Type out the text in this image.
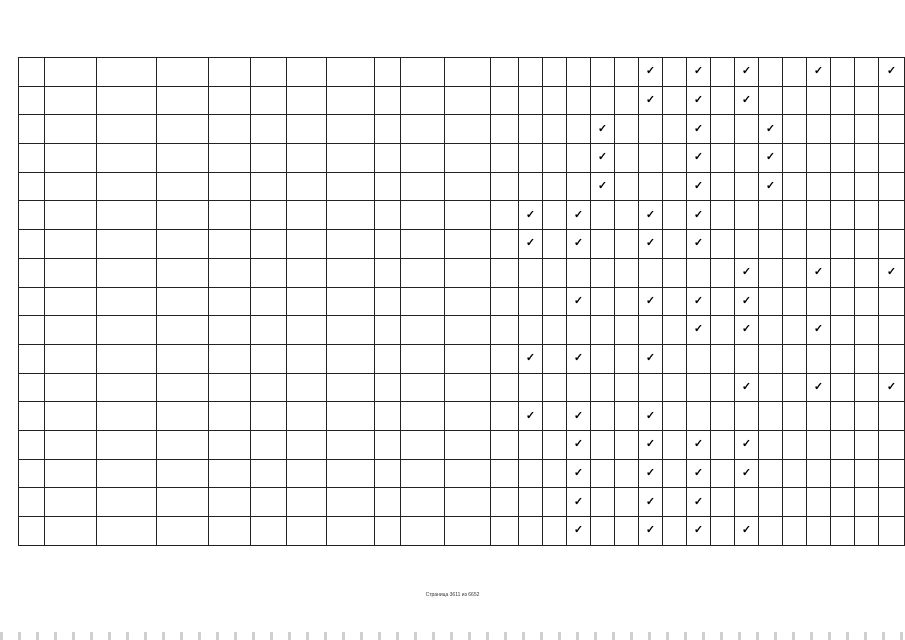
																	✓		✓		✓			✓			✓
																	✓		✓		✓						
															✓				✓			✓					
															✓				✓			✓					
															✓				✓			✓					
												✓		✓			✓		✓								
												✓		✓			✓		✓								
																					✓			✓			✓
														✓			✓		✓		✓						
																			✓		✓			✓			
												✓		✓			✓										
																					✓			✓			✓
												✓		✓			✓										
														✓			✓		✓		✓						
														✓			✓		✓		✓						
														✓			✓		✓								
														✓			✓		✓		✓						
Страница 3611 из 6652
